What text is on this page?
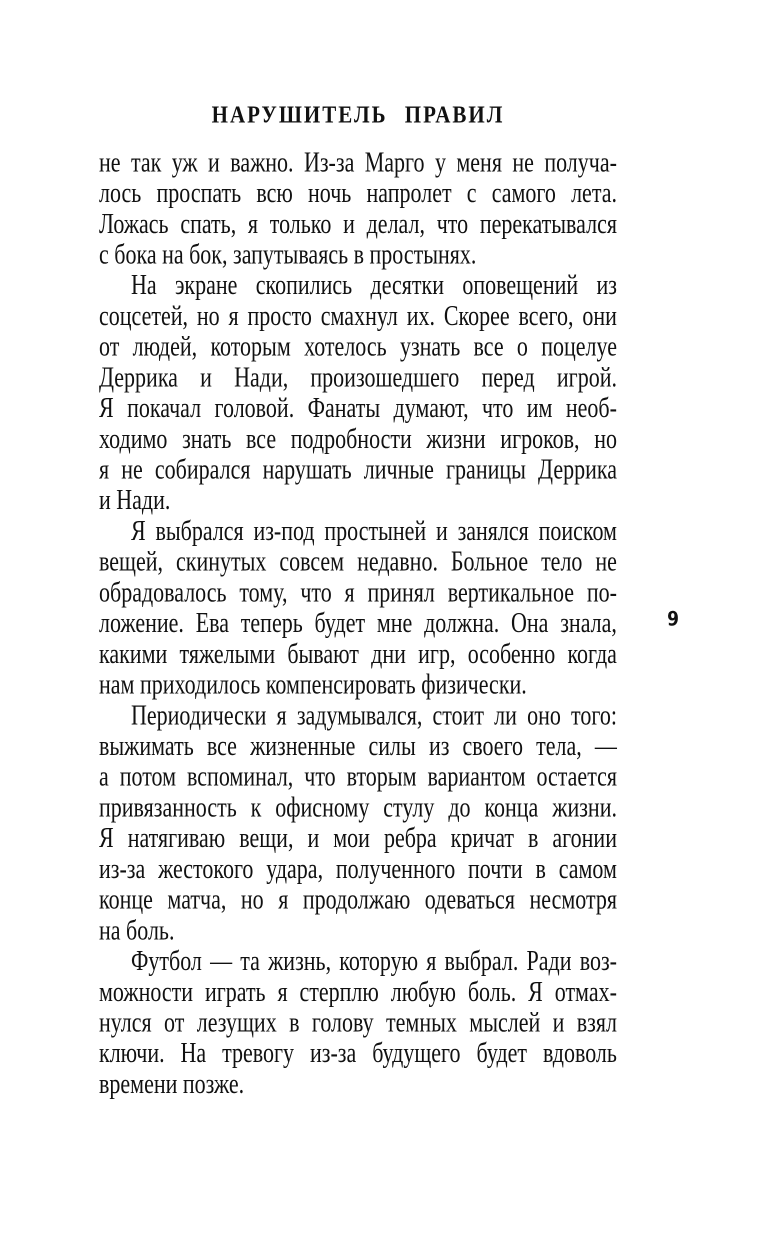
НАРУШИТЕЛЬ ПРАВИЛ
не так уж и важно. Из-за Марго у меня не получа-
лось проспать всю ночь напролет с самого лета.
Ложась спать, я только и делал, что перекатывался
с бока на бок, запутываясь в простынях.
На экране скопились десятки оповещений из
соцсетей, но я просто смахнул их. Скорее всего, они
от людей, которым хотелось узнать все о поцелуе
Деррика и Нади, произошедшего перед игрой.
Я покачал головой. Фанаты думают, что им необ-
ходимо знать все подробности жизни игроков, но
я не собирался нарушать личные границы Деррика
и Нади.
Я выбрался из-под простыней и занялся поиском
вещей, скинутых совсем недавно. Больное тело не
обрадовалось тому, что я принял вертикальное по-
ложение. Ева теперь будет мне должна. Она знала,
какими тяжелыми бывают дни игр, особенно когда
нам приходилось компенсировать физически.
Периодически я задумывался, стоит ли оно того:
выжимать все жизненные силы из своего тела, —
а потом вспоминал, что вторым вариантом остается
привязанность к офисному стулу до конца жизни.
Я натягиваю вещи, и мои ребра кричат в агонии
из-за жестокого удара, полученного почти в самом
конце матча, но я продолжаю одеваться несмотря
на боль.
Футбол — та жизнь, которую я выбрал. Ради воз-
можности играть я стерплю любую боль. Я отмах-
нулся от лезущих в голову темных мыслей и взял
ключи. На тревогу из-за будущего будет вдоволь
времени позже.
9
